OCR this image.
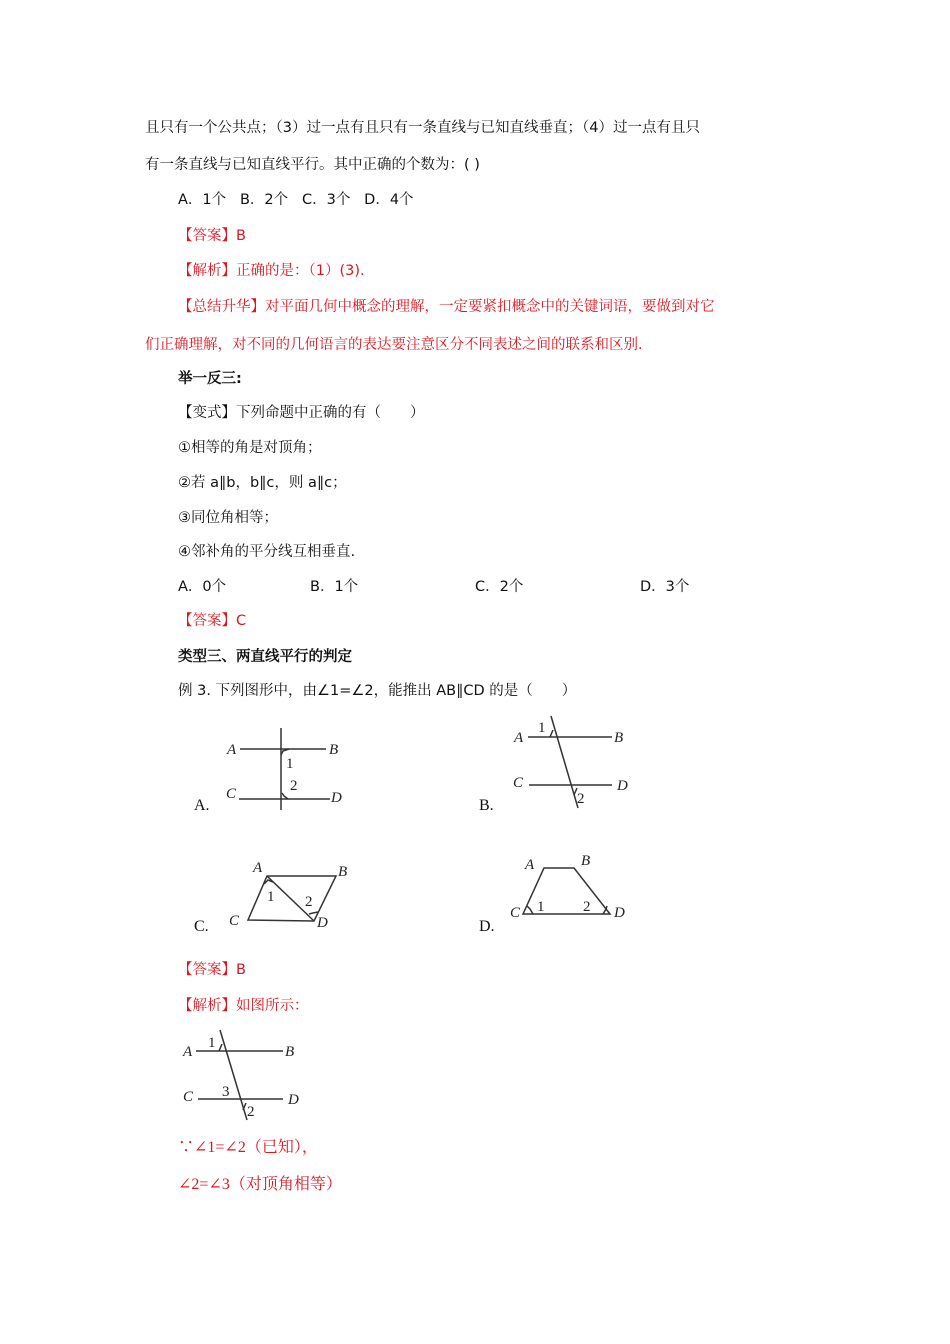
且只有一个公共点；（3）过一点有且只有一条直线与已知直线垂直；（4）过一点有且只
有一条直线与已知直线平行。其中正确的个数为：( )
A．1个   B．2个   C．3个   D．4个
【答案】B
【解析】正确的是：（1）(3).
【总结升华】对平面几何中概念的理解，一定要紧扣概念中的关键词语，要做到对它
们正确理解，对不同的几何语言的表达要注意区分不同表述之间的联系和区别.
举一反三:
【变式】下列命题中正确的有（　　）
①相等的角是对顶角；
②若 a∥b，b∥c，则 a∥c；
③同位角相等；
④邻补角的平分线互相垂直.
A．0个	B．1个	C．2个	D．3个
【答案】C
类型三、两直线平行的判定
例 3. 下列图形中，由∠1=∠2，能推出 AB∥CD 的是（　　）
A.	B.
C.	D.
【答案】B
【解析】如图所示：
∵∠1=∠2（已知），
∠2=∠3（对顶角相等）
A	B
C	D
1
2
A	B
C	D
1
2
A	B
C	D
1 2
A	B
C	D
1	2
A	B
C	D
1
2
3
